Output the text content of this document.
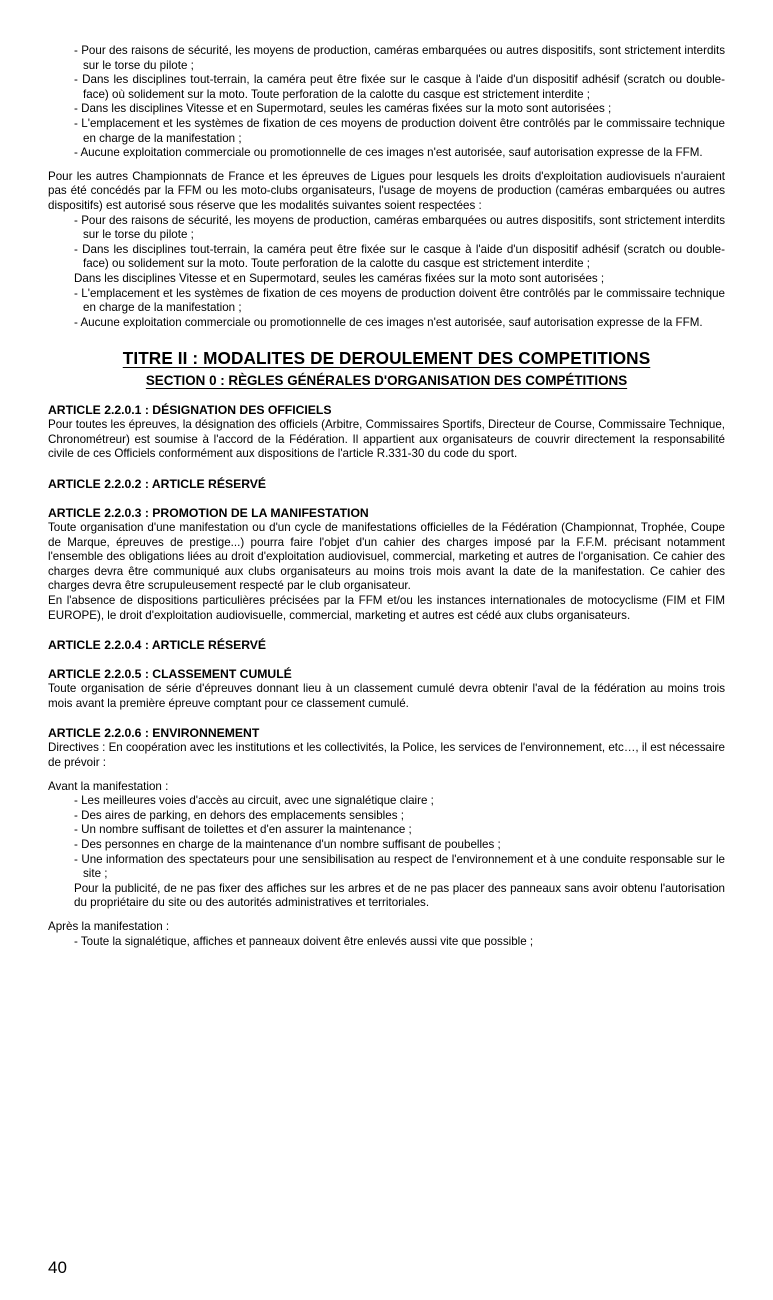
- Pour des raisons de sécurité, les moyens de production, caméras embarquées ou autres dispositifs, sont strictement interdits sur le torse du pilote ;
- Dans les disciplines tout-terrain, la caméra peut être fixée sur le casque à l'aide d'un dispositif adhésif (scratch ou double-face) où solidement sur la moto. Toute perforation de la calotte du casque est strictement interdite ;
- Dans les disciplines Vitesse et en Supermotard, seules les caméras fixées sur la moto sont autorisées ;
- L'emplacement et les systèmes de fixation de ces moyens de production doivent être contrôlés par le commissaire technique en charge de la manifestation ;
- Aucune exploitation commerciale ou promotionnelle de ces images n'est autorisée, sauf autorisation expresse de la FFM.
Pour les autres Championnats de France et les épreuves de Ligues pour lesquels les droits d'exploitation audiovisuels n'auraient pas été concédés par la FFM ou les moto-clubs organisateurs, l'usage de moyens de production (caméras embarquées ou autres dispositifs) est autorisé sous réserve que les modalités suivantes soient respectées :
- Pour des raisons de sécurité, les moyens de production, caméras embarquées ou autres dispositifs, sont strictement interdits sur le torse du pilote ;
- Dans les disciplines tout-terrain, la caméra peut être fixée sur le casque à l'aide d'un dispositif adhésif (scratch ou double-face) ou solidement sur la moto. Toute perforation de la calotte du casque est strictement interdite ;
Dans les disciplines Vitesse et en Supermotard, seules les caméras fixées sur la moto sont autorisées ;
- L'emplacement et les systèmes de fixation de ces moyens de production doivent être contrôlés par le commissaire technique en charge de la manifestation ;
- Aucune exploitation commerciale ou promotionnelle de ces images n'est autorisée, sauf autorisation expresse de la FFM.
TITRE II : MODALITES DE DEROULEMENT DES COMPETITIONS
SECTION 0 : RÈGLES GÉNÉRALES D'ORGANISATION DES COMPÉTITIONS
ARTICLE 2.2.0.1 : DÉSIGNATION DES OFFICIELS
Pour toutes les épreuves, la désignation des officiels (Arbitre, Commissaires Sportifs, Directeur de Course, Commissaire Technique, Chronométreur) est soumise à l'accord de la Fédération. Il appartient aux organisateurs de couvrir directement la responsabilité civile de ces Officiels conformément aux dispositions de l'article R.331-30 du code du sport.
ARTICLE 2.2.0.2 : ARTICLE RÉSERVÉ
ARTICLE 2.2.0.3 : PROMOTION DE LA MANIFESTATION
Toute organisation d'une manifestation ou d'un cycle de manifestations officielles de la Fédération (Championnat, Trophée, Coupe de Marque, épreuves de prestige...) pourra faire l'objet d'un cahier des charges imposé par la F.F.M. précisant notamment l'ensemble des obligations liées au droit d'exploitation audiovisuel, commercial, marketing et autres de l'organisation. Ce cahier des charges devra être communiqué aux clubs organisateurs au moins trois mois avant la date de la manifestation. Ce cahier des charges devra être scrupuleusement respecté par le club organisateur.
En l'absence de dispositions particulières précisées par la FFM et/ou les instances internationales de motocyclisme (FIM et FIM EUROPE), le droit d'exploitation audiovisuelle, commercial, marketing et autres est cédé aux clubs organisateurs.
ARTICLE 2.2.0.4 : ARTICLE RÉSERVÉ
ARTICLE 2.2.0.5 : CLASSEMENT CUMULÉ
Toute organisation de série d'épreuves donnant lieu à un classement cumulé devra obtenir l'aval de la fédération au moins trois mois avant la première épreuve comptant pour ce classement cumulé.
ARTICLE 2.2.0.6 : ENVIRONNEMENT
Directives : En coopération avec les institutions et les collectivités, la Police, les services de l'environnement, etc…, il est nécessaire de prévoir :
Avant la manifestation :
- Les meilleures voies d'accès au circuit, avec une signalétique claire ;
- Des aires de parking, en dehors des emplacements sensibles ;
- Un nombre suffisant de toilettes et d'en assurer la maintenance ;
- Des personnes en charge de la maintenance d'un nombre suffisant de poubelles ;
- Une information des spectateurs pour une sensibilisation au respect de l'environnement et à une conduite responsable sur le site ;
Pour la publicité, de ne pas fixer des affiches sur les arbres et de ne pas placer des panneaux sans avoir obtenu l'autorisation du propriétaire du site ou des autorités administratives et territoriales.
Après la manifestation :
- Toute la signalétique, affiches et panneaux doivent être enlevés aussi vite que possible ;
40
